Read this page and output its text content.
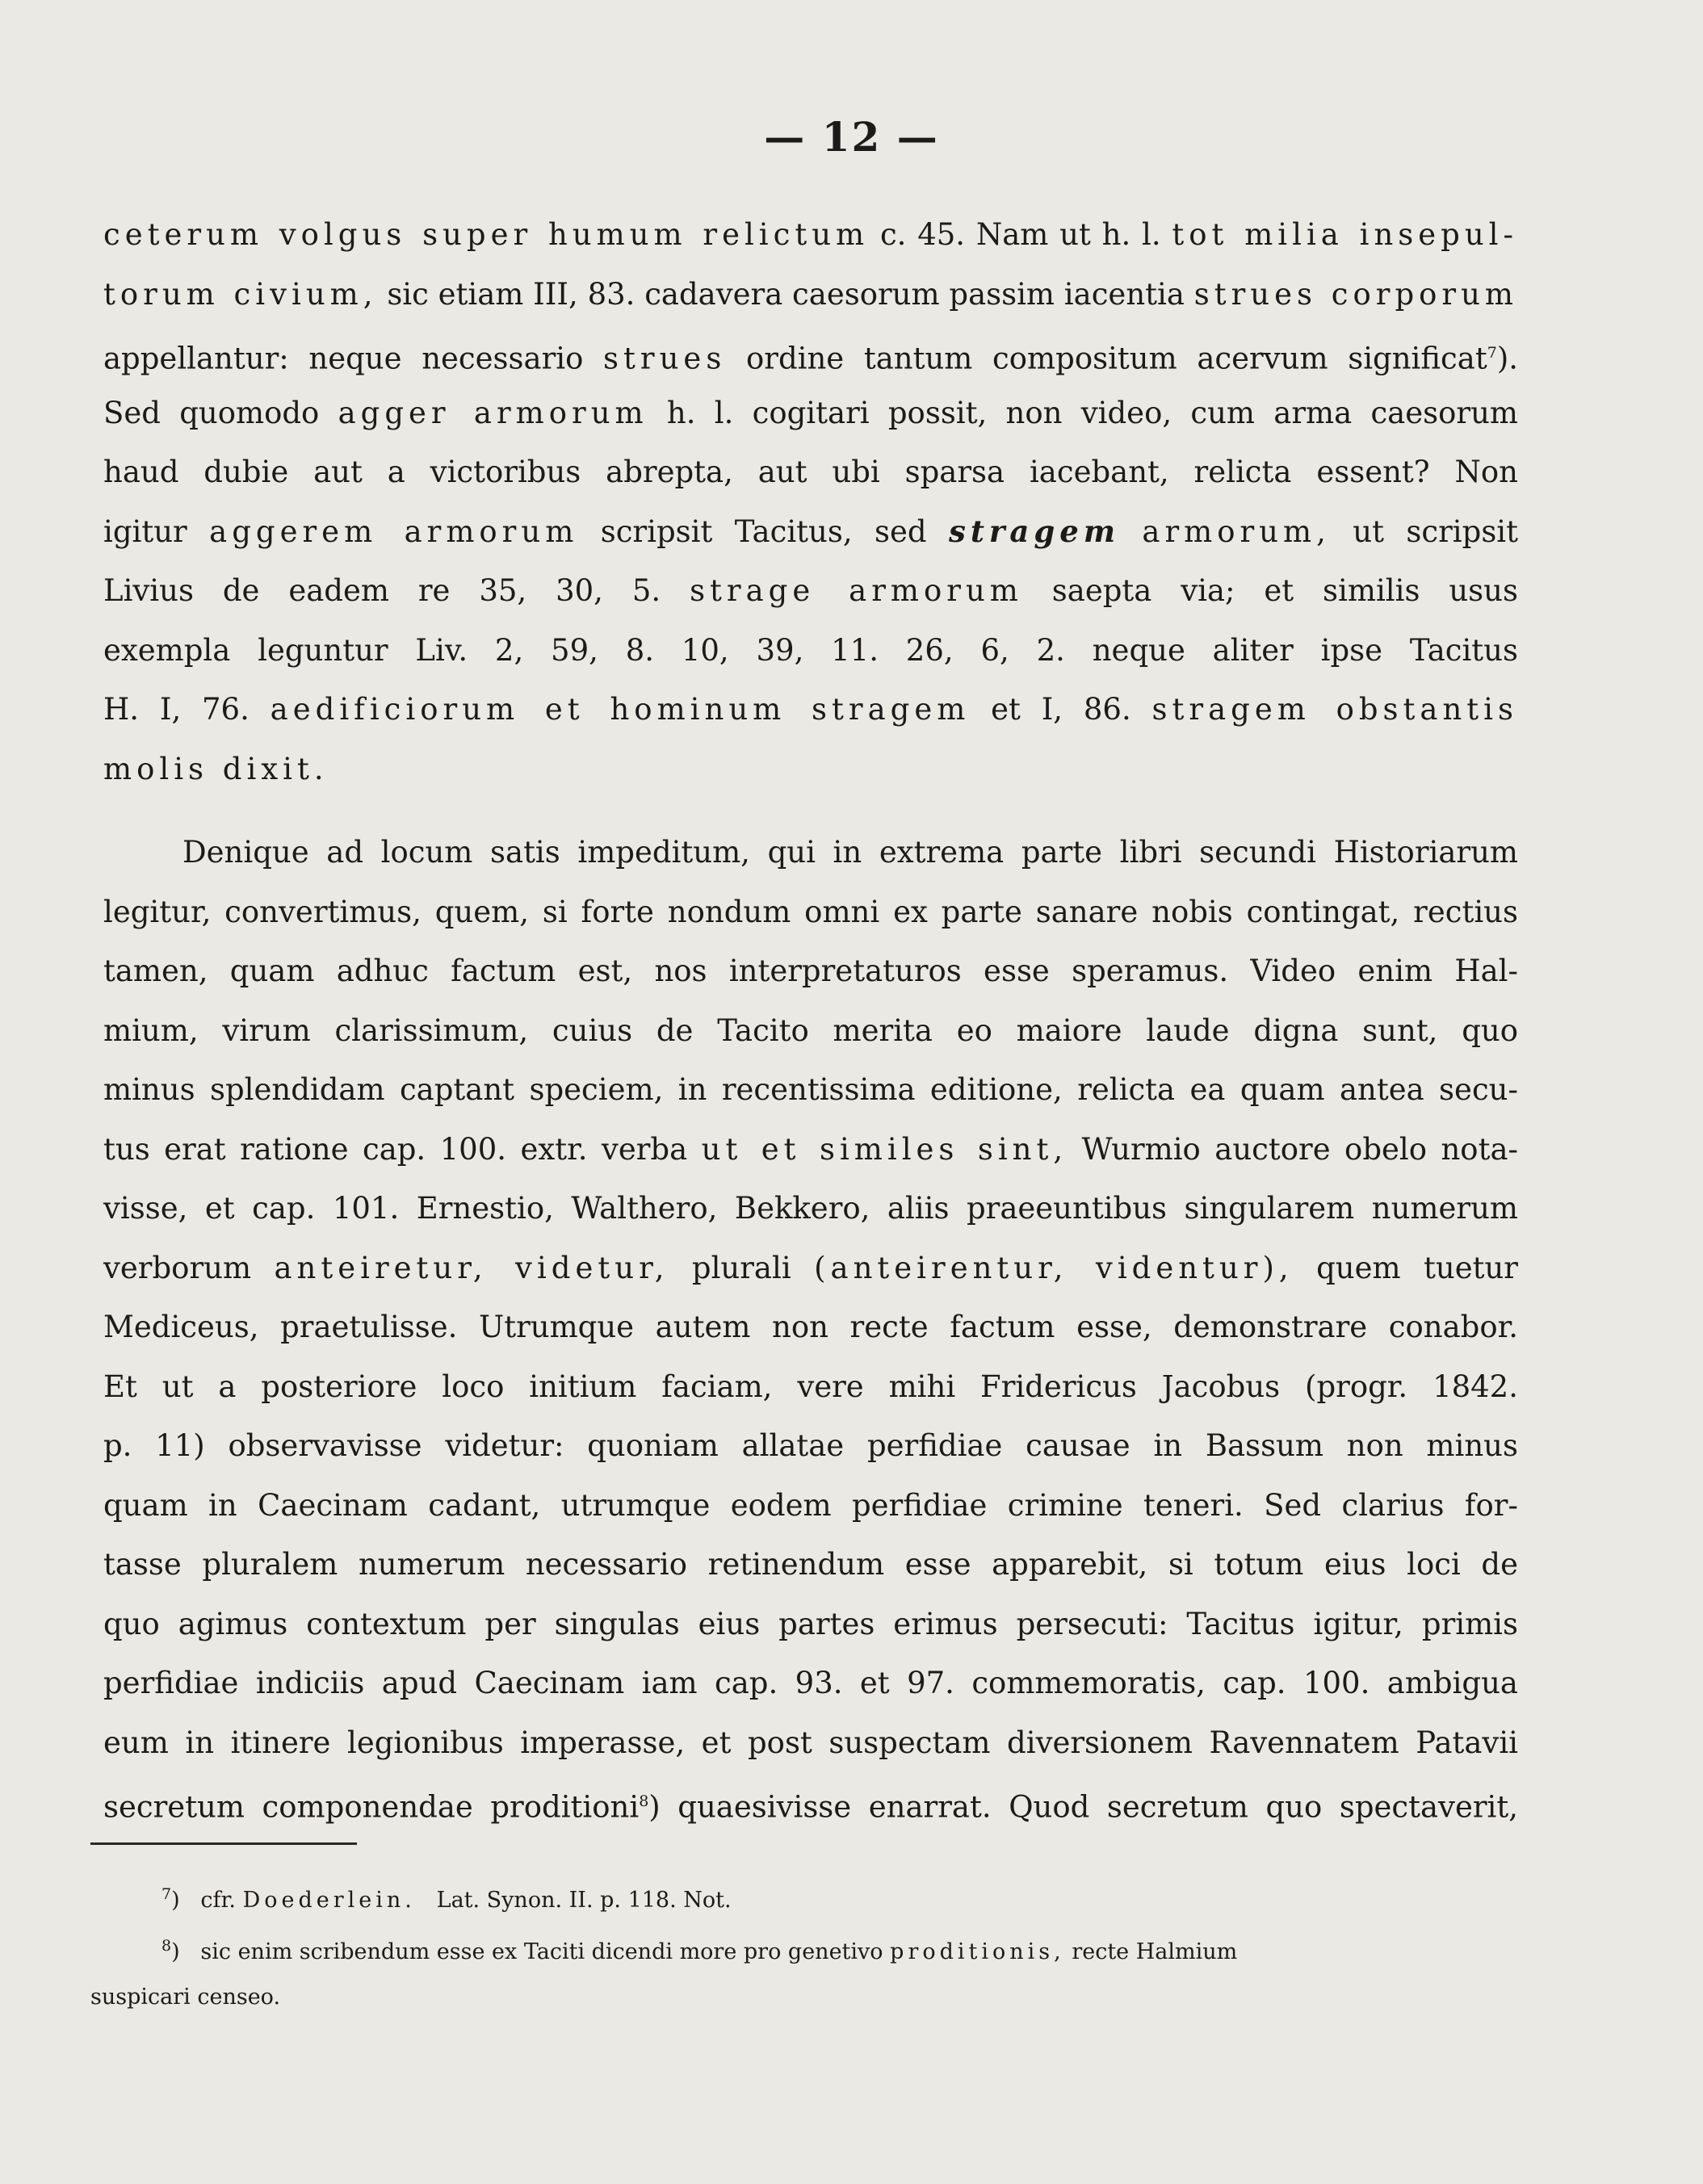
— 12 —
ceterum volgus super humum relictum c. 45. Nam ut h. l. tot milia insepul-
torum civium, sic etiam III, 83. cadavera caesorum passim iacentia strues corporum
appellantur: neque necessario strues ordine tantum compositum acervum significat$^7$).
Sed quomodo agger armorum h. l. cogitari possit, non video, cum arma caesorum
haud dubie aut a victoribus abrepta, aut ubi sparsa iacebant, relicta essent? Non
igitur aggerem armorum scripsit Tacitus, sed stragem armorum, ut scripsit
Livius de eadem re 35, 30, 5. strage armorum saepta via; et similis usus
exempla leguntur Liv. 2, 59, 8. 10, 39, 11. 26, 6, 2. neque aliter ipse Tacitus
H. I, 76. aedificiorum et hominum stragem et I, 86. stragem obstantis
molis dixit.
Denique ad locum satis impeditum, qui in extrema parte libri secundi Historiarum
legitur, convertimus, quem, si forte nondum omni ex parte sanare nobis contingat, rectius
tamen, quam adhuc factum est, nos interpretaturos esse speramus. Video enim Hal-
mium, virum clarissimum, cuius de Tacito merita eo maiore laude digna sunt, quo
minus splendidam captant speciem, in recentissima editione, relicta ea quam antea secu-
tus erat ratione cap. 100. extr. verba ut et similes sint, Wurmio auctore obelo nota-
visse, et cap. 101. Ernestio, Walthero, Bekkero, aliis praeeuntibus singularem numerum
verborum anteiretur, videtur, plurali (anteirentur, videntur), quem tuetur
Mediceus, praetulisse. Utrumque autem non recte factum esse, demonstrare conabor.
Et ut a posteriore loco initium faciam, vere mihi Fridericus Jacobus (progr. 1842.
p. 11) observavisse videtur: quoniam allatae perfidiae causae in Bassum non minus
quam in Caecinam cadant, utrumque eodem perfidiae crimine teneri. Sed clarius for-
tasse pluralem numerum necessario retinendum esse apparebit, si totum eius loci de
quo agimus contextum per singulas eius partes erimus persecuti: Tacitus igitur, primis
perfidiae indiciis apud Caecinam iam cap. 93. et 97. commemoratis, cap. 100. ambigua
eum in itinere legionibus imperasse, et post suspectam diversionem Ravennatem Patavii
secretum componendae proditioni$^8$) quaesivisse enarrat. Quod secretum quo spectaverit,
$^7$)   cfr. Doederlein. Lat. Synon. II. p. 118. Not.
$^8$)   sic enim scribendum esse ex Taciti dicendi more pro genetivo proditionis, recte Halmium
suspicari censeo.
